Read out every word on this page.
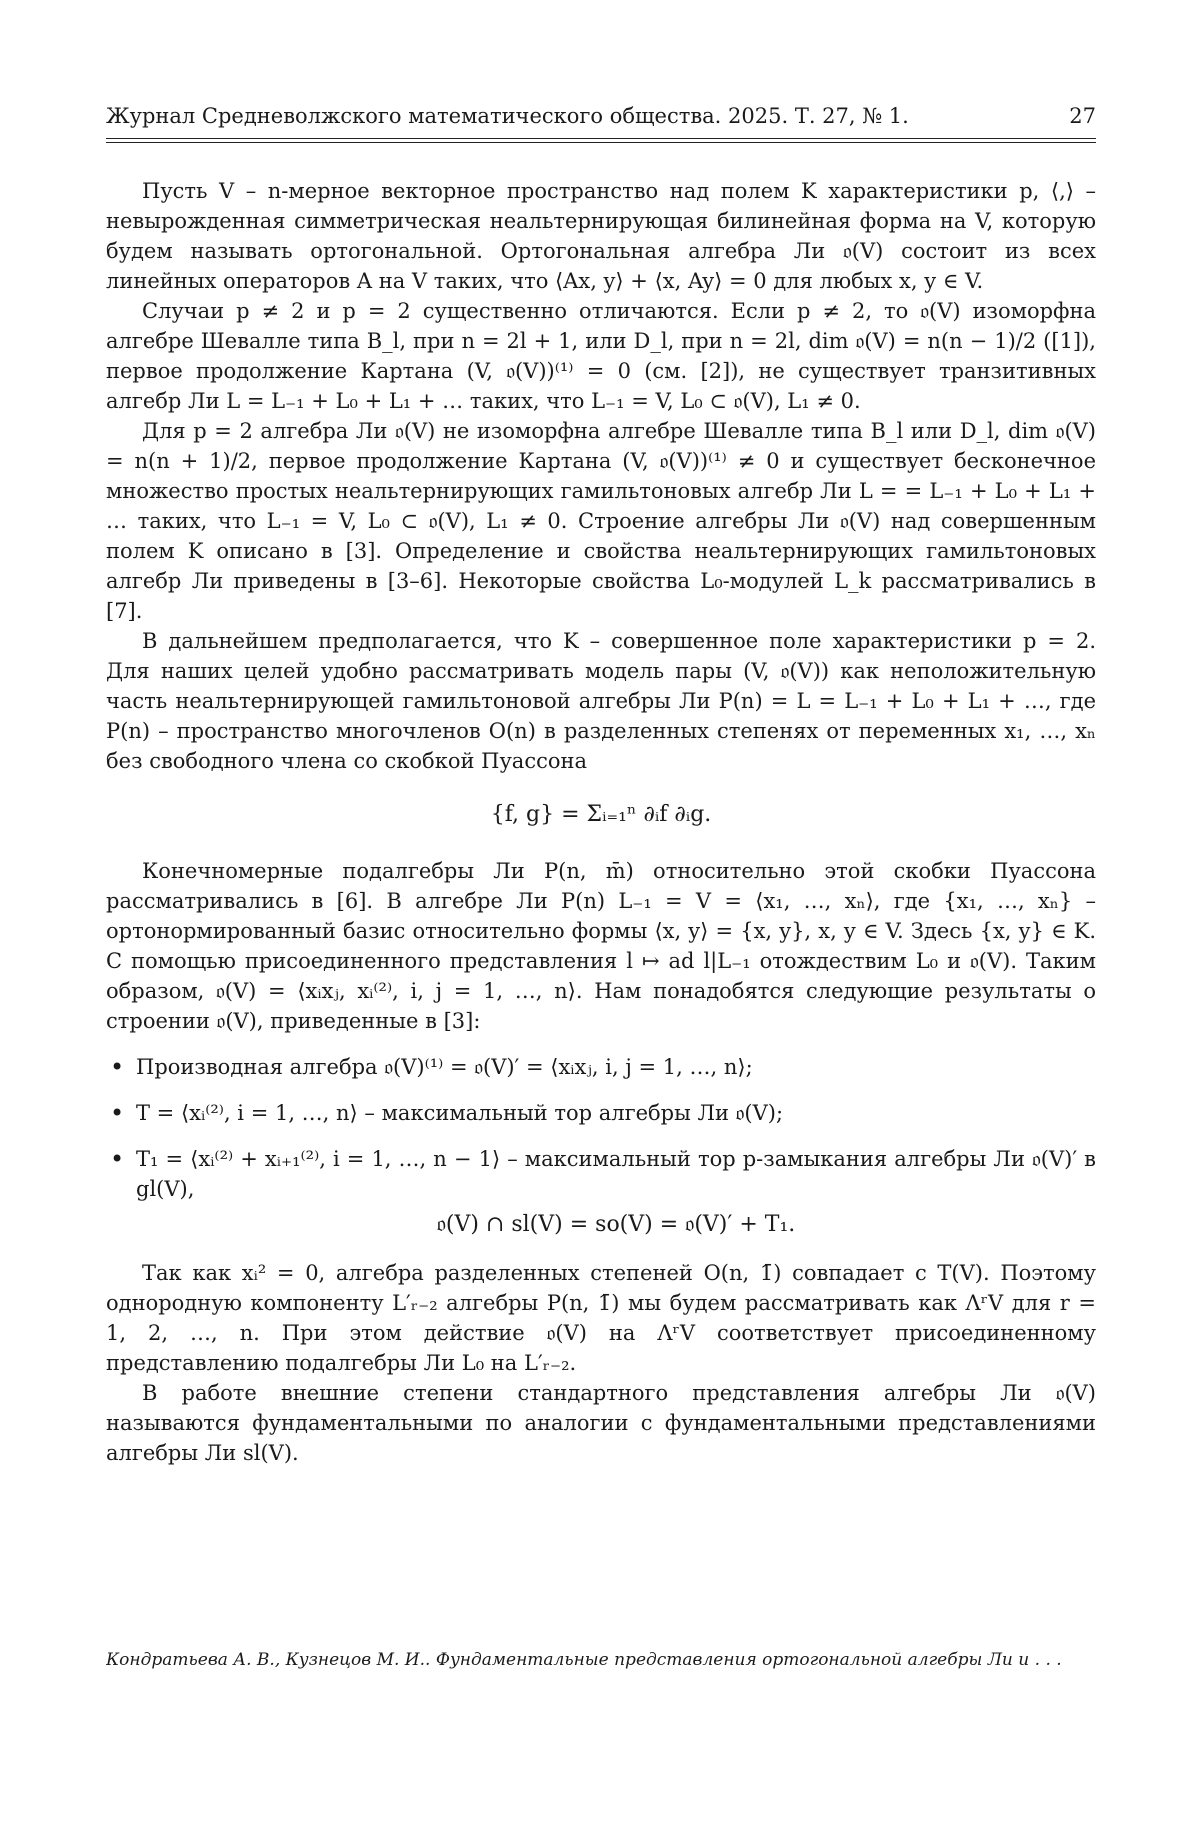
Журнал Средневолжского математического общества. 2025. Т. 27, № 1.	27

Пусть V – n-мерное векторное пространство над полем K характеристики p, ⟨,⟩ – невырожденная симметрическая неальтернирующая билинейная форма на V, которую будем называть ортогональной. Ортогональная алгебра Ли 𝔬(V) состоит из всех линейных операторов A на V таких, что ⟨Ax, y⟩ + ⟨x, Ay⟩ = 0 для любых x, y ∈ V.

Случаи p ≠ 2 и p = 2 существенно отличаются. Если p ≠ 2, то 𝔬(V) изоморфна алгебре Шевалле типа B_l, при n = 2l + 1, или D_l, при n = 2l, dim 𝔬(V) = n(n − 1)/2 ([1]), первое продолжение Картана (V, 𝔬(V))⁽¹⁾ = 0 (см. [2]), не существует транзитивных алгебр Ли L = L₋₁ + L₀ + L₁ + … таких, что L₋₁ = V, L₀ ⊂ 𝔬(V), L₁ ≠ 0.

Для p = 2 алгебра Ли 𝔬(V) не изоморфна алгебре Шевалле типа B_l или D_l, dim 𝔬(V) = n(n + 1)/2, первое продолжение Картана (V, 𝔬(V))⁽¹⁾ ≠ 0 и существует бесконечное множество простых неальтернирующих гамильтоновых алгебр Ли L = = L₋₁ + L₀ + L₁ + … таких, что L₋₁ = V, L₀ ⊂ 𝔬(V), L₁ ≠ 0. Строение алгебры Ли 𝔬(V) над совершенным полем K описано в [3]. Определение и свойства неальтернирующих гамильтоновых алгебр Ли приведены в [3–6]. Некоторые свойства L₀-модулей L_k рассматривались в [7].

В дальнейшем предполагается, что K – совершенное поле характеристики p = 2. Для наших целей удобно рассматривать модель пары (V, 𝔬(V)) как неположительную часть неальтернирующей гамильтоновой алгебры Ли P(n) = L = L₋₁ + L₀ + L₁ + …, где P(n) – пространство многочленов O(n) в разделенных степенях от переменных x₁, …, xₙ без свободного члена со скобкой Пуассона

{f, g} = Σᵢ₌₁ⁿ ∂ᵢf ∂ᵢg.

Конечномерные подалгебры Ли P(n, m̄) относительно этой скобки Пуассона рассматривались в [6]. В алгебре Ли P(n) L₋₁ = V = ⟨x₁, …, xₙ⟩, где {x₁, …, xₙ} – ортонормированный базис относительно формы ⟨x, y⟩ = {x, y}, x, y ∈ V. Здесь {x, y} ∈ K. С помощью присоединенного представления l ↦ ad l|L₋₁ отождествим L₀ и 𝔬(V). Таким образом, 𝔬(V) = ⟨xᵢxⱼ, xᵢ⁽²⁾, i, j = 1, …, n⟩. Нам понадобятся следующие результаты о строении 𝔬(V), приведенные в [3]:

• Производная алгебра 𝔬(V)⁽¹⁾ = 𝔬(V)′ = ⟨xᵢxⱼ, i, j = 1, …, n⟩;
• T = ⟨xᵢ⁽²⁾, i = 1, …, n⟩ – максимальный тор алгебры Ли 𝔬(V);
• T₁ = ⟨xᵢ⁽²⁾ + xᵢ₊₁⁽²⁾, i = 1, …, n − 1⟩ – максимальный тор p-замыкания алгебры Ли 𝔬(V)′ в gl(V),
𝔬(V) ∩ sl(V) = so(V) = 𝔬(V)′ + T₁.

Так как xᵢ² = 0, алгебра разделенных степеней O(n, 1̄) совпадает с T(V). Поэтому однородную компоненту L′ᵣ₋₂ алгебры P(n, 1̄) мы будем рассматривать как ΛʳV для r = 1, 2, …, n. При этом действие 𝔬(V) на ΛʳV соответствует присоединенному представлению подалгебры Ли L₀ на L′ᵣ₋₂.

В работе внешние степени стандартного представления алгебры Ли 𝔬(V) называются фундаментальными по аналогии с фундаментальными представлениями алгебры Ли sl(V).

Кондратьева А. В., Кузнецов М. И.. Фундаментальные представления ортогональной алгебры Ли и . . .
